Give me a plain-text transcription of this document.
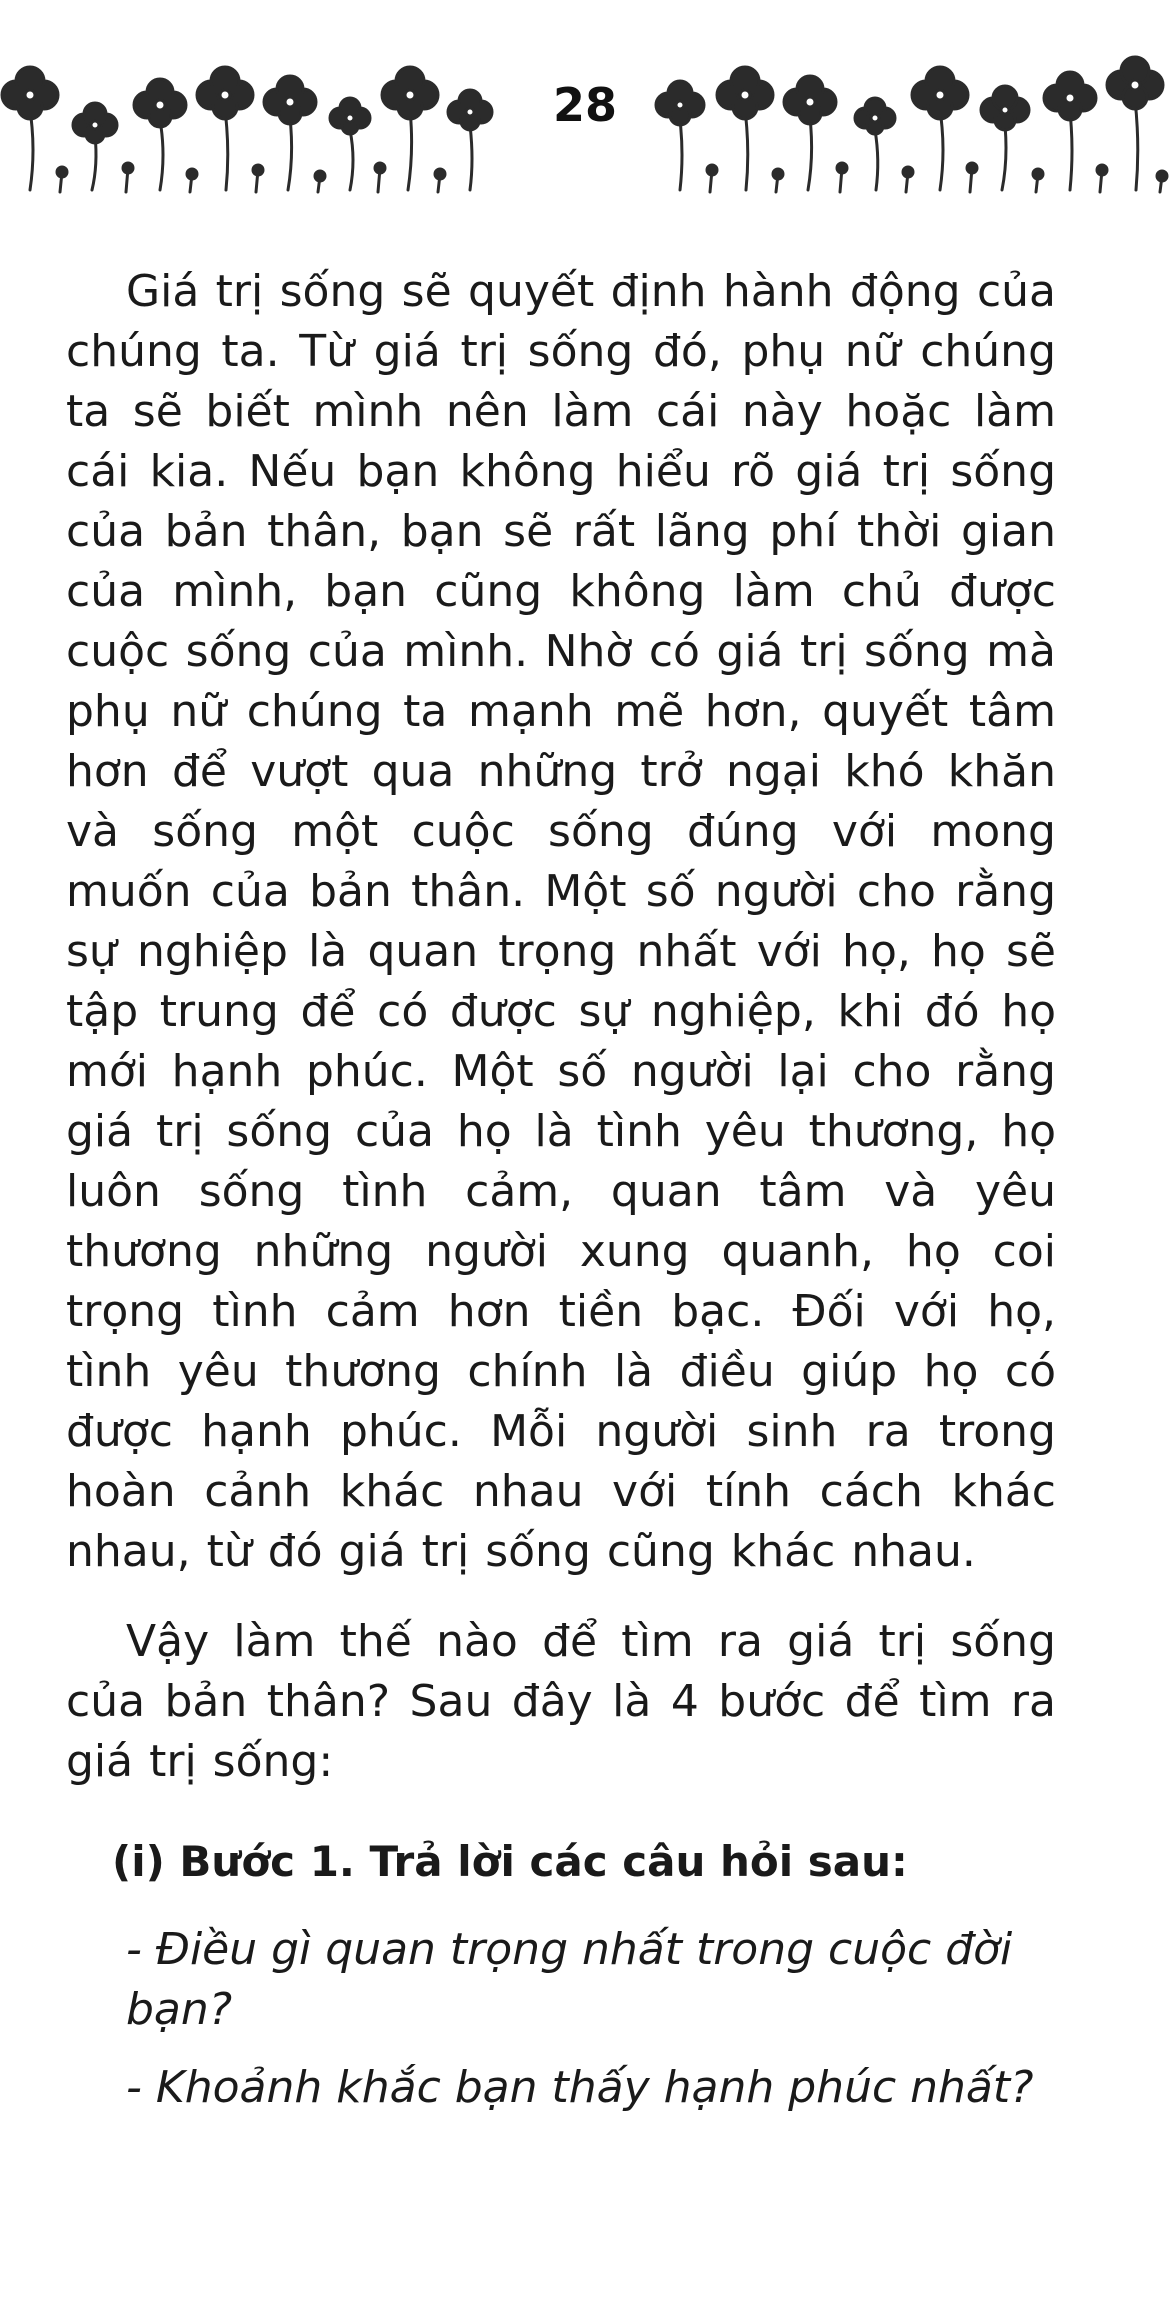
28

Giá trị sống sẽ quyết định hành động của chúng ta. Từ giá trị sống đó, phụ nữ chúng ta sẽ biết mình nên làm cái này hoặc làm cái kia. Nếu bạn không hiểu rõ giá trị sống của bản thân, bạn sẽ rất lãng phí thời gian của mình, bạn cũng không làm chủ được cuộc sống của mình. Nhờ có giá trị sống mà phụ nữ chúng ta mạnh mẽ hơn, quyết tâm hơn để vượt qua những trở ngại khó khăn và sống một cuộc sống đúng với mong muốn của bản thân. Một số người cho rằng sự nghiệp là quan trọng nhất với họ, họ sẽ tập trung để có được sự nghiệp, khi đó họ mới hạnh phúc. Một số người lại cho rằng giá trị sống của họ là tình yêu thương, họ luôn sống tình cảm, quan tâm và yêu thương những người xung quanh, họ coi trọng tình cảm hơn tiền bạc. Đối với họ, tình yêu thương chính là điều giúp họ có được hạnh phúc. Mỗi người sinh ra trong hoàn cảnh khác nhau với tính cách khác nhau, từ đó giá trị sống cũng khác nhau.

Vậy làm thế nào để tìm ra giá trị sống của bản thân? Sau đây là 4 bước để tìm ra giá trị sống:

(i) Bước 1. Trả lời các câu hỏi sau:

- Điều gì quan trọng nhất trong cuộc đời bạn?

- Khoảnh khắc bạn thấy hạnh phúc nhất?
